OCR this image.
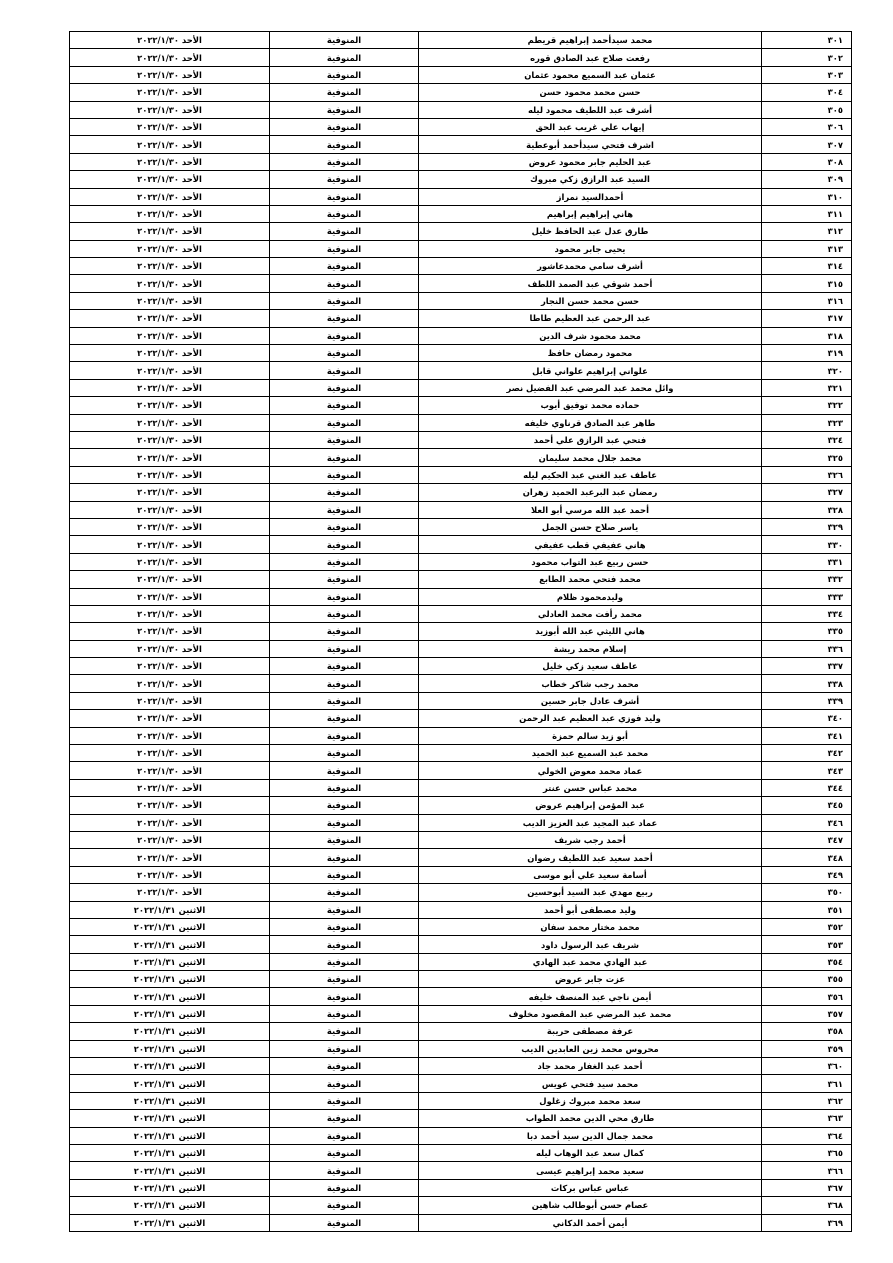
٣٠١	محمد سيدأحمد إبراهيم قريطم	المنوفية	الأحد ٢٠٢٢/١/٣٠
٣٠٢	رفعت صلاح عبد الصادق قوره	المنوفية	الأحد ٢٠٢٢/١/٣٠
٣٠٣	عثمان عبد السميع محمود عثمان	المنوفية	الأحد ٢٠٢٢/١/٣٠
٣٠٤	حسن محمد محمود حسن	المنوفية	الأحد ٢٠٢٢/١/٣٠
٣٠٥	أشرف عبد اللطيف محمود ليله	المنوفية	الأحد ٢٠٢٢/١/٣٠
٣٠٦	إيهاب علي غريب عبد الحق	المنوفية	الأحد ٢٠٢٢/١/٣٠
٣٠٧	اشرف فتحي سيدأحمد أبوعطية	المنوفية	الأحد ٢٠٢٢/١/٣٠
٣٠٨	عبد الحليم جابر محمود عروض	المنوفية	الأحد ٢٠٢٢/١/٣٠
٣٠٩	السيد عبد الرازق زكي مبروك	المنوفية	الأحد ٢٠٢٢/١/٣٠
٣١٠	أحمدالسيد نمراز	المنوفية	الأحد ٢٠٢٢/١/٣٠
٣١١	هاني إبراهيم إبراهيم	المنوفية	الأحد ٢٠٢٢/١/٣٠
٣١٢	طارق عدل عبد الحافظ خليل	المنوفية	الأحد ٢٠٢٢/١/٣٠
٣١٣	يحيى جابر محمود	المنوفية	الأحد ٢٠٢٢/١/٣٠
٣١٤	أشرف سامي محمدعاشور	المنوفية	الأحد ٢٠٢٢/١/٣٠
٣١٥	أحمد شوقي عبد الصمد اللطف	المنوفية	الأحد ٢٠٢٢/١/٣٠
٣١٦	حسن محمد حسن النجار	المنوفية	الأحد ٢٠٢٢/١/٣٠
٣١٧	عبد الرحمن عبد العظيم طاطا	المنوفية	الأحد ٢٠٢٢/١/٣٠
٣١٨	محمد محمود شرف الدين	المنوفية	الأحد ٢٠٢٢/١/٣٠
٣١٩	محمود رمضان حافظ	المنوفية	الأحد ٢٠٢٢/١/٣٠
٣٢٠	علواني إبراهيم علواني قابل	المنوفية	الأحد ٢٠٢٢/١/٣٠
٣٢١	وائل محمد عبد المرضي عبد الفضيل نصر	المنوفية	الأحد ٢٠٢٢/١/٣٠
٣٢٢	حماده محمد توفيق أيوب	المنوفية	الأحد ٢٠٢٢/١/٣٠
٣٢٣	طاهر عبد الصادق قرناوي خليفه	المنوفية	الأحد ٢٠٢٢/١/٣٠
٣٢٤	فتحي عبد الرازق علي أحمد	المنوفية	الأحد ٢٠٢٢/١/٣٠
٣٢٥	محمد جلال محمد سليمان	المنوفية	الأحد ٢٠٢٢/١/٣٠
٣٢٦	عاطف عبد الغني عبد الحكيم ليله	المنوفية	الأحد ٢٠٢٢/١/٣٠
٣٢٧	رمضان عبد البرعبد الحميد زهران	المنوفية	الأحد ٢٠٢٢/١/٣٠
٣٢٨	أحمد عبد الله مرسي أبو العلا	المنوفية	الأحد ٢٠٢٢/١/٣٠
٣٢٩	ياسر صلاح حسن الجمل	المنوفية	الأحد ٢٠٢٢/١/٣٠
٣٣٠	هاني عفيفي قطب عفيفي	المنوفية	الأحد ٢٠٢٢/١/٣٠
٣٣١	حسن ربيع عبد التواب محمود	المنوفية	الأحد ٢٠٢٢/١/٣٠
٣٣٢	محمد فتحي محمد الطابع	المنوفية	الأحد ٢٠٢٢/١/٣٠
٣٣٣	وليدمحمود ظلام	المنوفية	الأحد ٢٠٢٢/١/٣٠
٣٣٤	محمد رأفت محمد العادلي	المنوفية	الأحد ٢٠٢٢/١/٣٠
٣٣٥	هاني الليثي عبد الله أبوزيد	المنوفية	الأحد ٢٠٢٢/١/٣٠
٣٣٦	إسلام محمد ريشة	المنوفية	الأحد ٢٠٢٢/١/٣٠
٣٣٧	عاطف سعيد زكي خليل	المنوفية	الأحد ٢٠٢٢/١/٣٠
٣٣٨	محمد رجب شاكر خطاب	المنوفية	الأحد ٢٠٢٢/١/٣٠
٣٣٩	أشرف عادل جابر حسين	المنوفية	الأحد ٢٠٢٢/١/٣٠
٣٤٠	وليد فوزي عبد العظيم عبد الرحمن	المنوفية	الأحد ٢٠٢٢/١/٣٠
٣٤١	أبو زيد سالم حمزة	المنوفية	الأحد ٢٠٢٢/١/٣٠
٣٤٢	محمد عبد السميع عبد الحميد	المنوفية	الأحد ٢٠٢٢/١/٣٠
٣٤٣	عماد محمد معوض الخولي	المنوفية	الأحد ٢٠٢٢/١/٣٠
٣٤٤	محمد عباس حسن عنتر	المنوفية	الأحد ٢٠٢٢/١/٣٠
٣٤٥	عبد المؤمن إبراهيم عروض	المنوفية	الأحد ٢٠٢٢/١/٣٠
٣٤٦	عماد عبد المجيد عبد العزيز الديب	المنوفية	الأحد ٢٠٢٢/١/٣٠
٣٤٧	أحمد رجب شريف	المنوفية	الأحد ٢٠٢٢/١/٣٠
٣٤٨	أحمد سعيد عبد اللطيف رضوان	المنوفية	الأحد ٢٠٢٢/١/٣٠
٣٤٩	أسامة سعيد علي أبو موسى	المنوفية	الأحد ٢٠٢٢/١/٣٠
٣٥٠	ربيع مهدي عبد السيد أبوحسين	المنوفية	الأحد ٢٠٢٢/١/٣٠
٣٥١	وليد مصطفى أبو أحمد	المنوفية	الاثنين ٢٠٢٢/١/٣١
٣٥٢	محمد مختار محمد سفان	المنوفية	الاثنين ٢٠٢٢/١/٣١
٣٥٣	شريف عبد الرسول داود	المنوفية	الاثنين ٢٠٢٢/١/٣١
٣٥٤	عبد الهادي محمد عبد الهادي	المنوفية	الاثنين ٢٠٢٢/١/٣١
٣٥٥	عزت جابر عروض	المنوفية	الاثنين ٢٠٢٢/١/٣١
٣٥٦	أيمن ناجي عبد المنصف خليفه	المنوفية	الاثنين ٢٠٢٢/١/٣١
٣٥٧	محمد عبد المرضي عبد المقصود مخلوف	المنوفية	الاثنين ٢٠٢٢/١/٣١
٣٥٨	عرفة مصطفى حريبة	المنوفية	الاثنين ٢٠٢٢/١/٣١
٣٥٩	محروس محمد زين العابدين الديب	المنوفية	الاثنين ٢٠٢٢/١/٣١
٣٦٠	أحمد عبد الغفار محمد جاد	المنوفية	الاثنين ٢٠٢٢/١/٣١
٣٦١	محمد سيد فتحي عويس	المنوفية	الاثنين ٢٠٢٢/١/٣١
٣٦٢	سعد محمد مبروك زغلول	المنوفية	الاثنين ٢٠٢٢/١/٣١
٣٦٣	طارق محي الدين محمد الطواب	المنوفية	الاثنين ٢٠٢٢/١/٣١
٣٦٤	محمد جمال الدين سيد أحمد دبا	المنوفية	الاثنين ٢٠٢٢/١/٣١
٣٦٥	كمال سعد عبد الوهاب ليله	المنوفية	الاثنين ٢٠٢٢/١/٣١
٣٦٦	سعيد محمد إبراهيم عيسى	المنوفية	الاثنين ٢٠٢٢/١/٣١
٣٦٧	عباس عباس بركات	المنوفية	الاثنين ٢٠٢٢/١/٣١
٣٦٨	عصام حسن أبوطالب شاهين	المنوفية	الاثنين ٢٠٢٢/١/٣١
٣٦٩	أيمن أحمد الدكاني	المنوفية	الاثنين ٢٠٢٢/١/٣١
